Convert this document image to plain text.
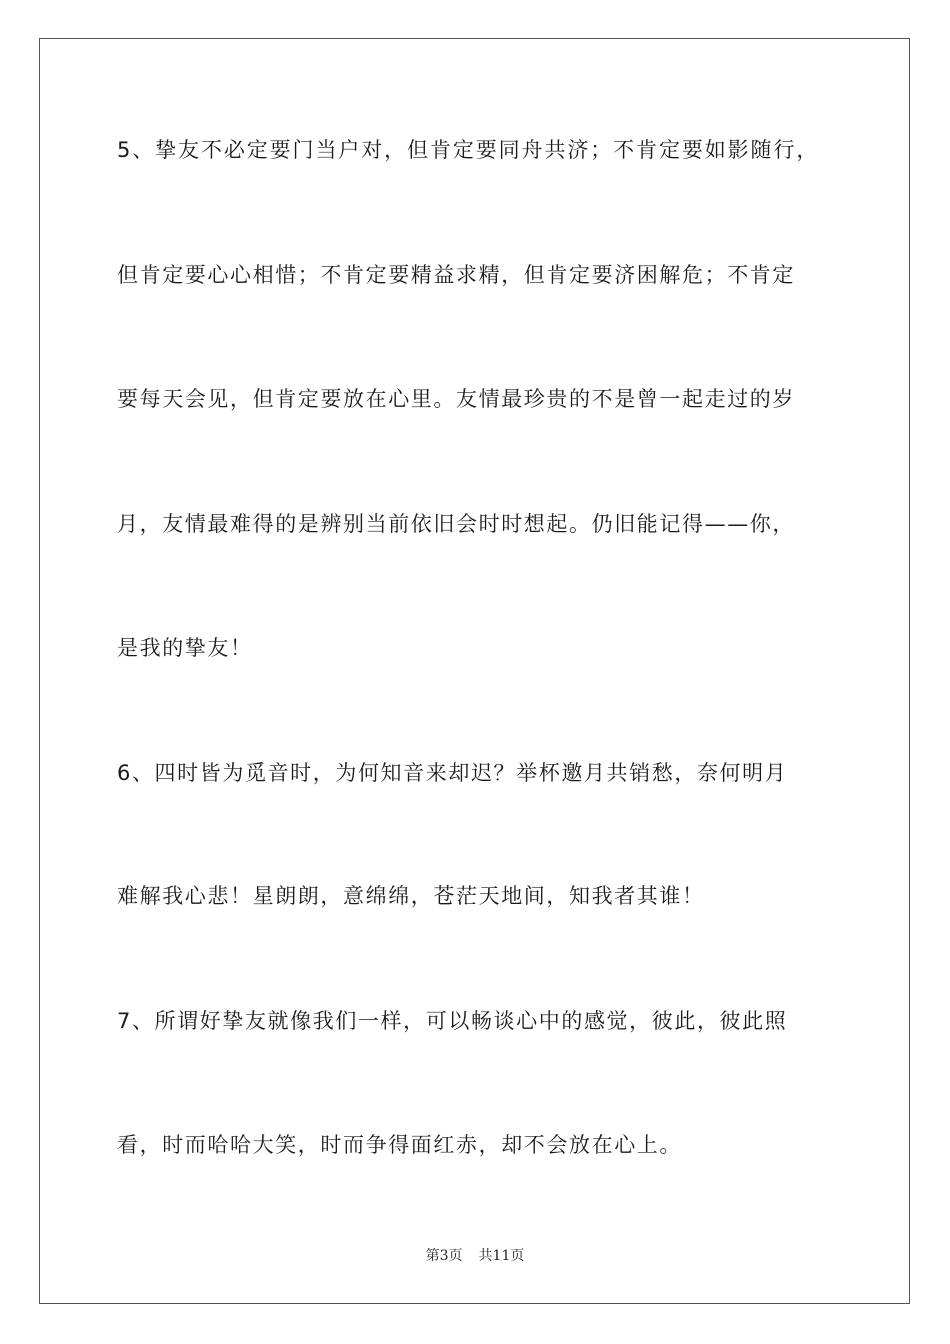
5、挚友不必定要门当户对，但肯定要同舟共济；不肯定要如影随行，
但肯定要心心相惜；不肯定要精益求精，但肯定要济困解危；不肯定
要每天会见，但肯定要放在心里。友情最珍贵的不是曾一起走过的岁
月，友情最难得的是辨别当前依旧会时时想起。仍旧能记得——你，
是我的挚友！
6、四时皆为觅音时，为何知音来却迟？举杯邀月共销愁，奈何明月
难解我心悲！星朗朗，意绵绵，苍茫天地间，知我者其谁！
7、所谓好挚友就像我们一样，可以畅谈心中的感觉，彼此，彼此照
看，时而哈哈大笑，时而争得面红赤，却不会放在心上。
第3页 共11页
